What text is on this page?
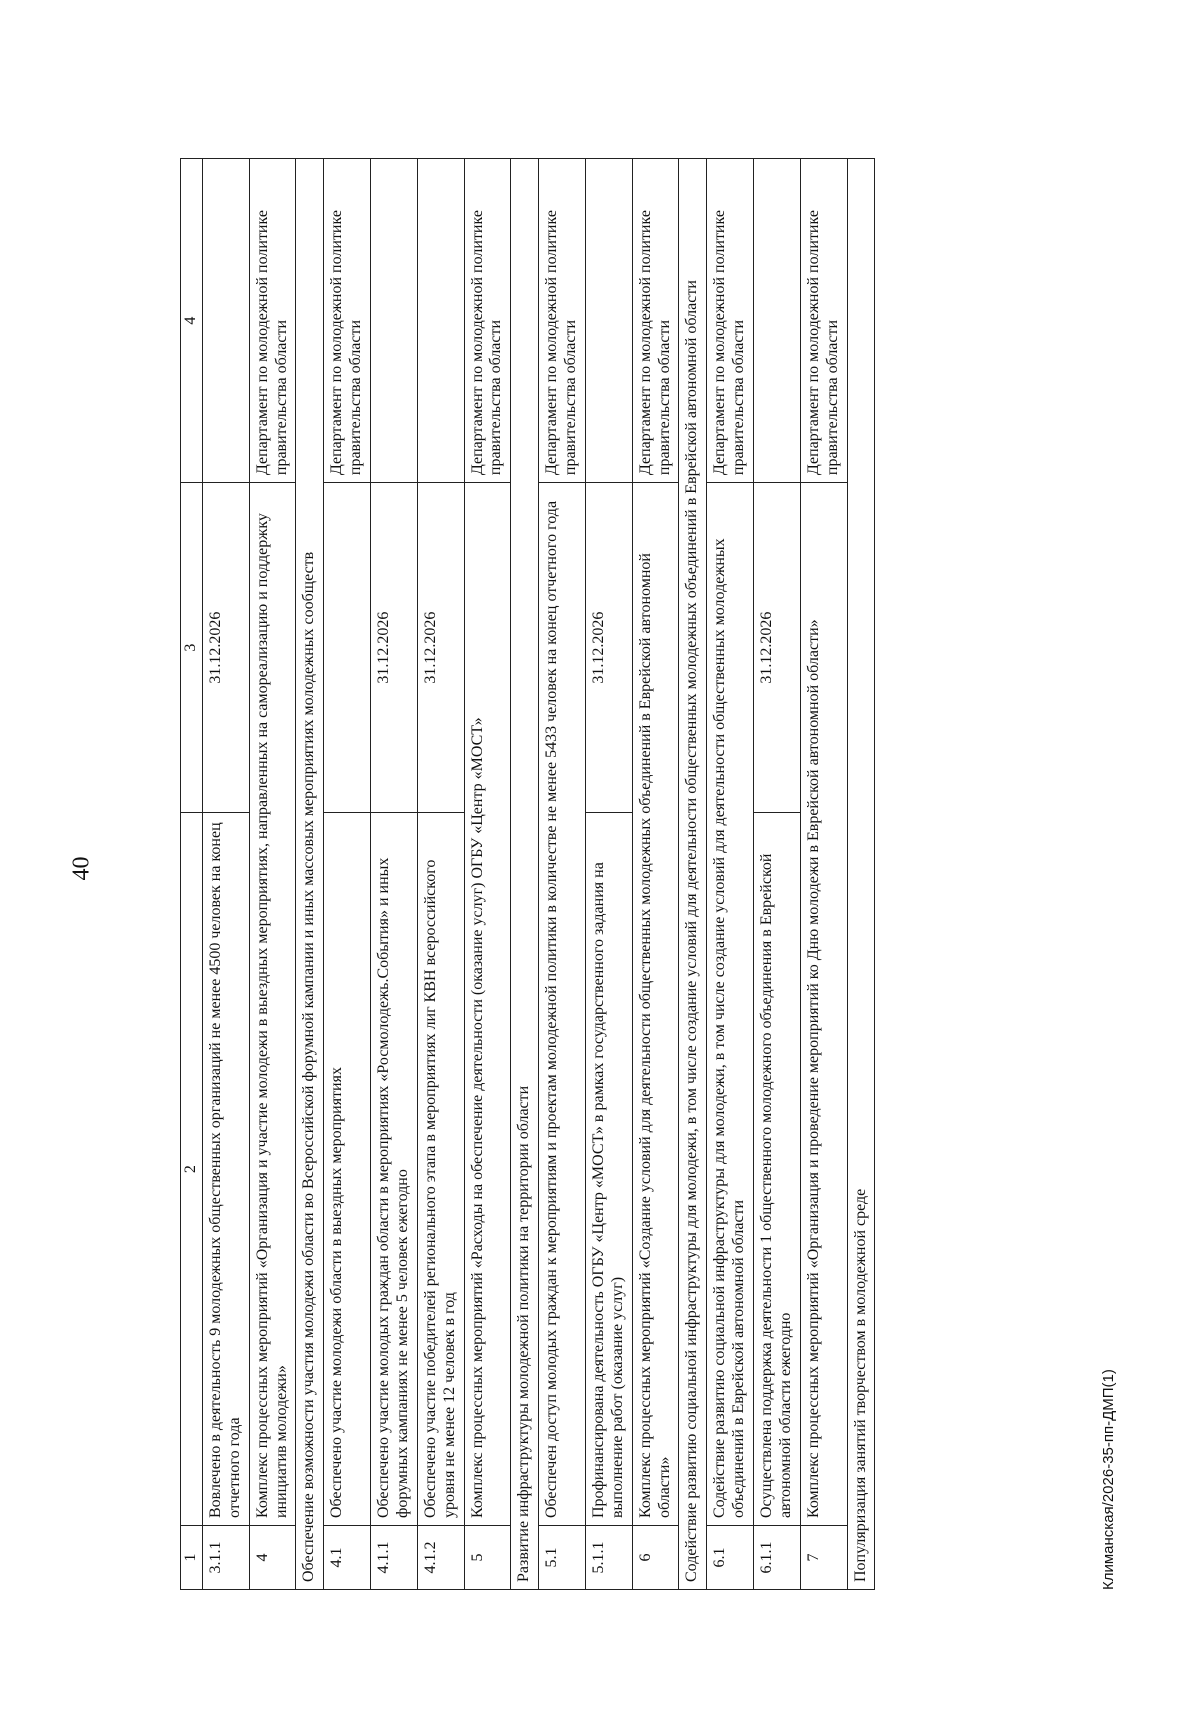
40
1	2	3	4
3.1.1	Вовлечено в деятельность 9 молодежных общественных организаций не менее 4500 человек на конец отчетного года	31.12.2026	
4	Комплекс процессных мероприятий «Организация и участие молодежи в выездных мероприятиях, направленных на самореализацию и поддержку инициатив молодежи»		Департамент по молодежной политике правительства области
Обеспечение возможности участия молодежи области во Всероссийской форумной кампании и иных массовых мероприятиях молодежных сообществ			
4.1	Обеспечено участие молодежи области в выездных мероприятиях		Департамент по молодежной политике правительства области
4.1.1	Обеспечено участие молодых граждан области в мероприятиях «Росмолодежь.События» и иных форумных кампаниях не менее 5 человек ежегодно	31.12.2026	
4.1.2	Обеспечено участие победителей регионального этапа в мероприятиях лиг КВН всероссийского уровня не менее 12 человек в год	31.12.2026	
5	Комплекс процессных мероприятий «Расходы на обеспечение деятельности (оказание услуг) ОГБУ «Центр «МОСТ»		Департамент по молодежной политике правительства области
Развитие инфраструктуры молодежной политики на территории области			
5.1	Обеспечен доступ молодых граждан к мероприятиям и проектам молодежной политики в количестве не менее 5433 человек на конец отчетного года		Департамент по молодежной политике правительства области
5.1.1	Профинансирована деятельность ОГБУ «Центр «МОСТ» в рамках государственного задания на выполнение работ (оказание услуг)	31.12.2026	
6	Комплекс процессных мероприятий «Создание условий для деятельности общественных молодежных объединений в Еврейской автономной области»		Департамент по молодежной политике правительства области
Содействие развитию социальной инфраструктуры для молодежи, в том числе создание условий для деятельности общественных молодежных объединений в Еврейской автономной области			
6.1	Содействие развитию социальной инфраструктуры для молодежи, в том числе создание условий для деятельности общественных молодежных объединений в Еврейской автономной области		Департамент по молодежной политике правительства области
6.1.1	Осуществлена поддержка деятельности 1 общественного молодежного объединения в Еврейской автономной области ежегодно	31.12.2026	
7	Комплекс процессных мероприятий «Организация и проведение мероприятий ко Дню молодежи в Еврейской автономной области»		Департамент по молодежной политике правительства области
Популяризация занятий творчеством в молодежной среде				Климанская/2026-35-пп-ДМП(1)
